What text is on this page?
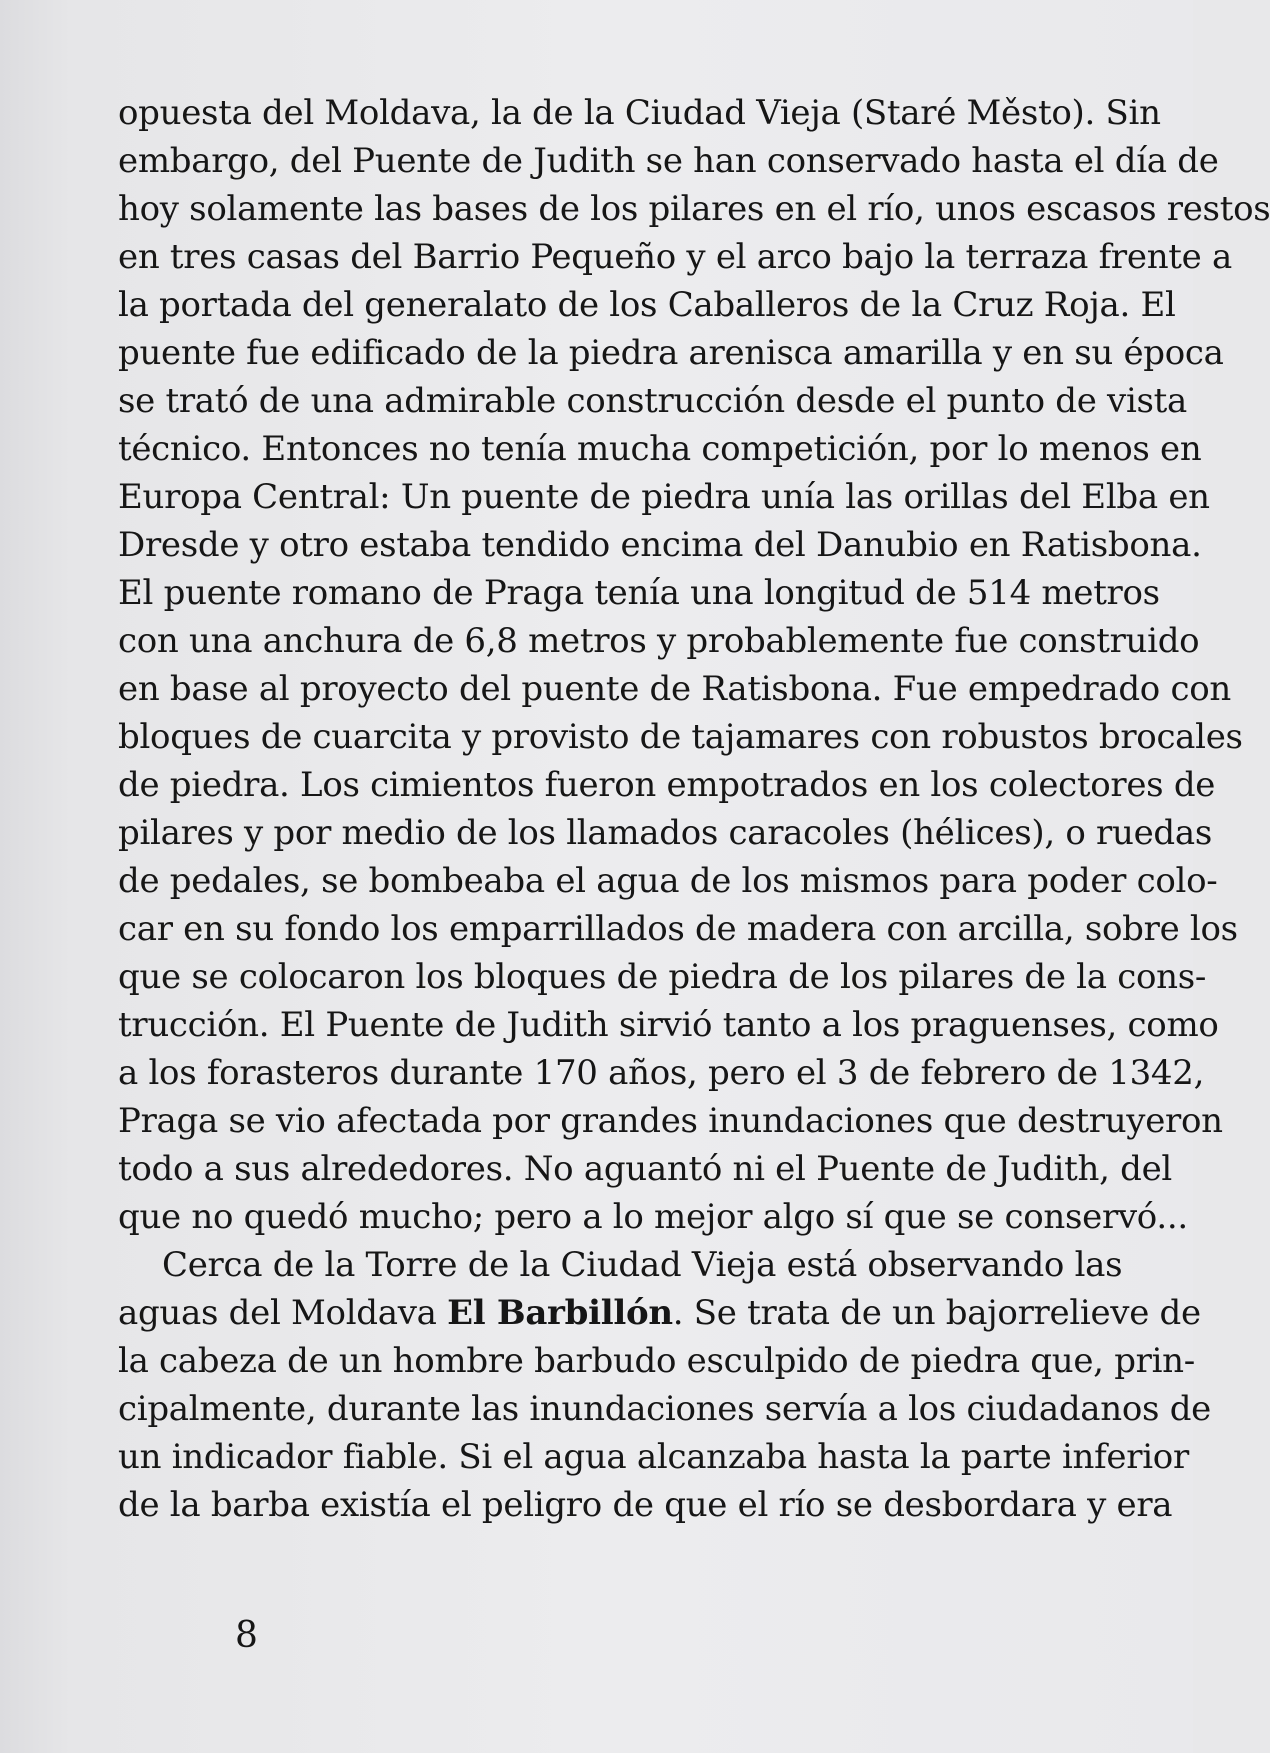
opuesta del Moldava, la de la Ciudad Vieja (Staré Město). Sin
embargo, del Puente de Judith se han conservado hasta el día de
hoy solamente las bases de los pilares en el río, unos escasos restos
en tres casas del Barrio Pequeño y el arco bajo la terraza frente a
la portada del generalato de los Caballeros de la Cruz Roja. El
puente fue edificado de la piedra arenisca amarilla y en su época
se trató de una admirable construcción desde el punto de vista
técnico. Entonces no tenía mucha competición, por lo menos en
Europa Central: Un puente de piedra unía las orillas del Elba en
Dresde y otro estaba tendido encima del Danubio en Ratisbona.
El puente romano de Praga tenía una longitud de 514 metros
con una anchura de 6,8 metros y probablemente fue construido
en base al proyecto del puente de Ratisbona. Fue empedrado con
bloques de cuarcita y provisto de tajamares con robustos brocales
de piedra. Los cimientos fueron empotrados en los colectores de
pilares y por medio de los llamados caracoles (hélices), o ruedas
de pedales, se bombeaba el agua de los mismos para poder colo-
car en su fondo los emparrillados de madera con arcilla, sobre los
que se colocaron los bloques de piedra de los pilares de la cons-
trucción. El Puente de Judith sirvió tanto a los praguenses, como
a los forasteros durante 170 años, pero el 3 de febrero de 1342,
Praga se vio afectada por grandes inundaciones que destruyeron
todo a sus alrededores. No aguantó ni el Puente de Judith, del
que no quedó mucho; pero a lo mejor algo sí que se conservó...
Cerca de la Torre de la Ciudad Vieja está observando las
aguas del Moldava El Barbillón. Se trata de un bajorrelieve de
la cabeza de un hombre barbudo esculpido de piedra que, prin-
cipalmente, durante las inundaciones servía a los ciudadanos de
un indicador fiable. Si el agua alcanzaba hasta la parte inferior
de la barba existía el peligro de que el río se desbordara y era
8
